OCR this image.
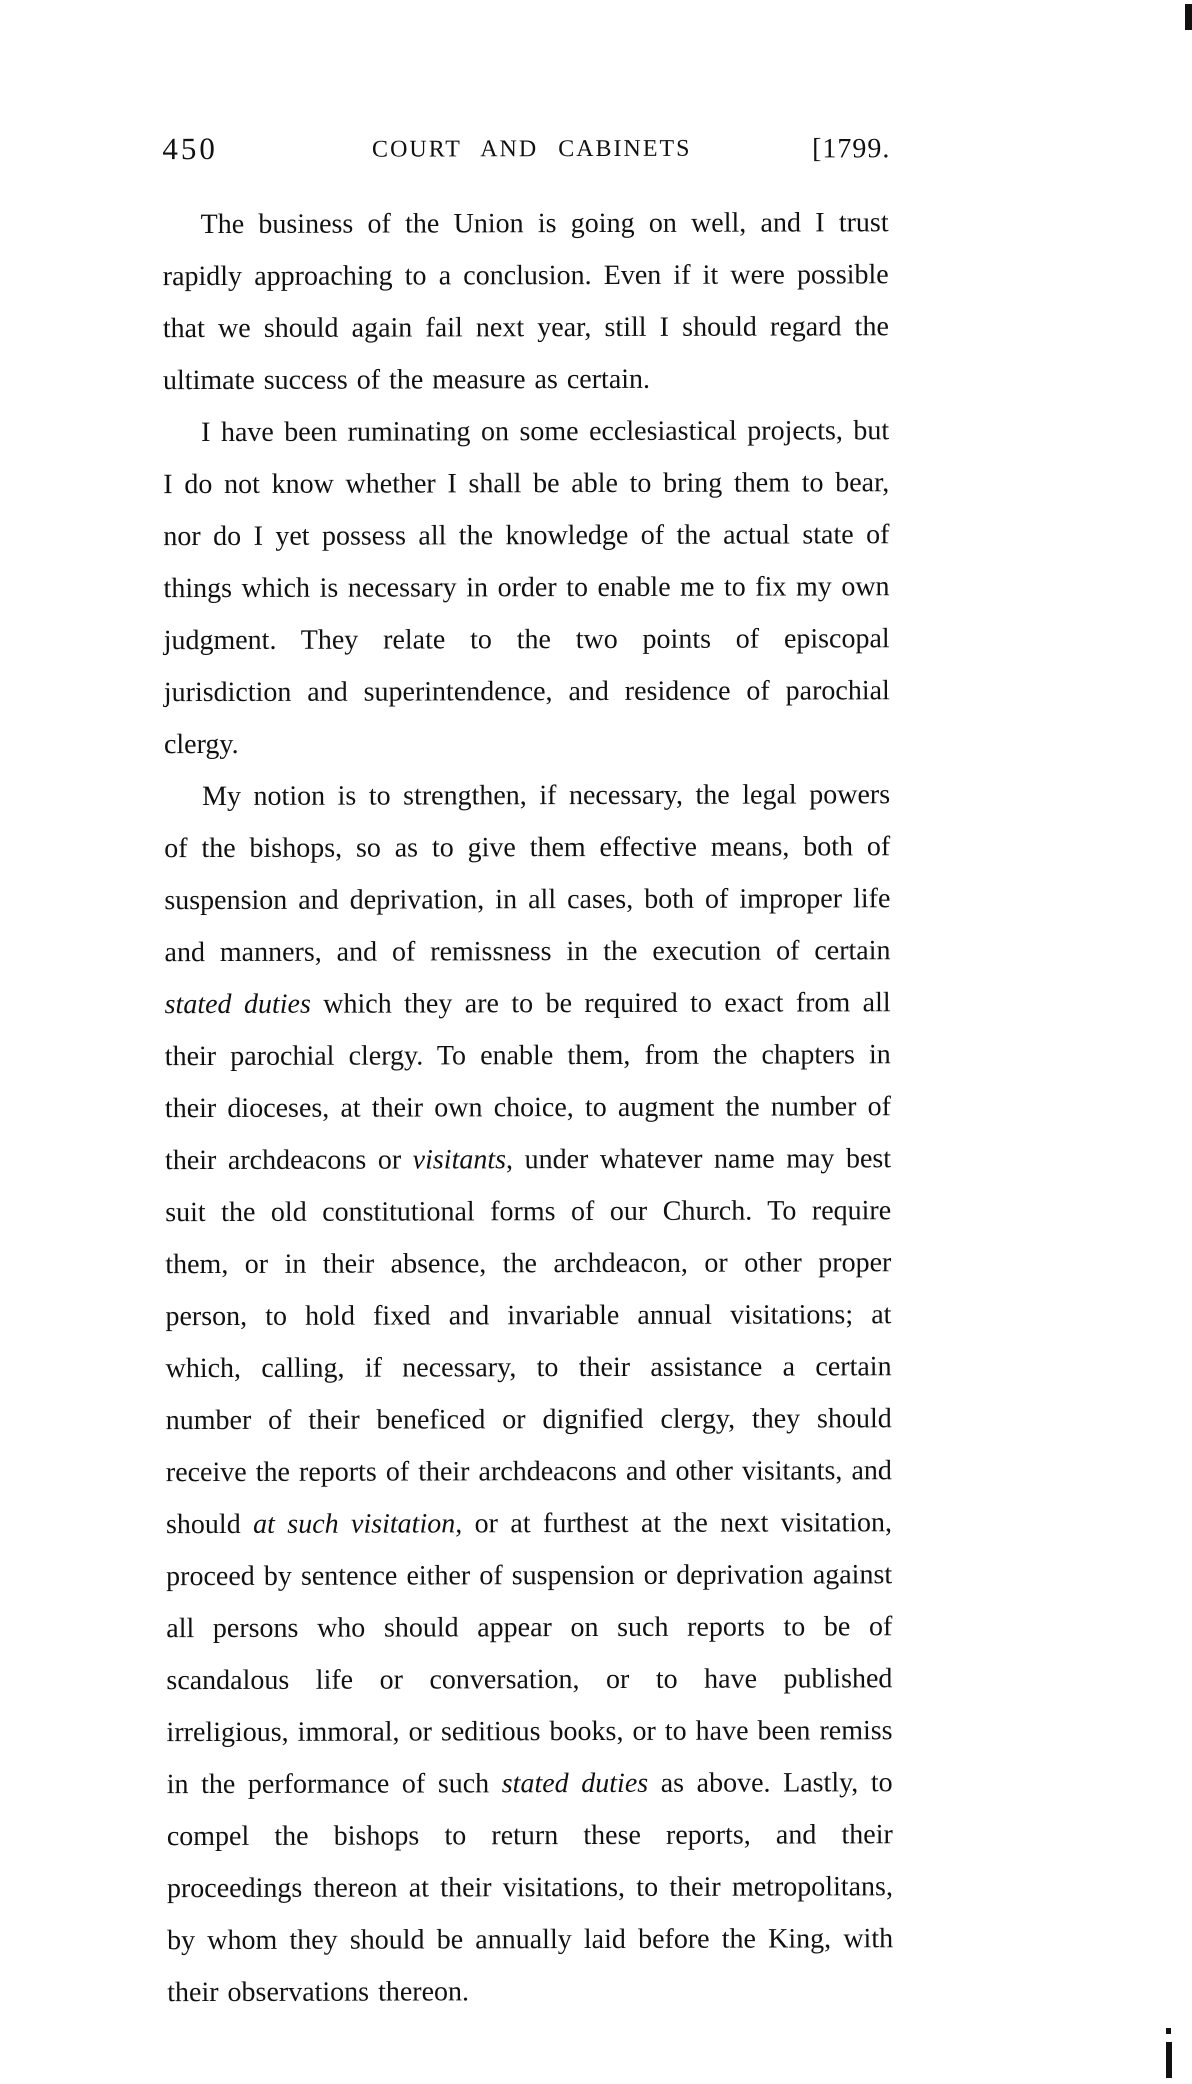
450	COURT AND CABINETS	[1799.

The business of the Union is going on well, and I trust rapidly approaching to a conclusion. Even if it were possible that we should again fail next year, still I should regard the ultimate success of the measure as certain.

I have been ruminating on some ecclesiastical projects, but I do not know whether I shall be able to bring them to bear, nor do I yet possess all the knowledge of the actual state of things which is necessary in order to enable me to fix my own judgment. They relate to the two points of episcopal jurisdiction and superintendence, and residence of parochial clergy.

My notion is to strengthen, if necessary, the legal powers of the bishops, so as to give them effective means, both of suspension and deprivation, in all cases, both of improper life and manners, and of remissness in the execution of certain stated duties which they are to be required to exact from all their parochial clergy. To enable them, from the chapters in their dioceses, at their own choice, to augment the number of their archdeacons or visitants, under whatever name may best suit the old constitutional forms of our Church. To require them, or in their absence, the archdeacon, or other proper person, to hold fixed and invariable annual visitations; at which, calling, if necessary, to their assistance a certain number of their beneficed or dignified clergy, they should receive the reports of their archdeacons and other visitants, and should at such visitation, or at furthest at the next visitation, proceed by sentence either of suspension or deprivation against all persons who should appear on such reports to be of scandalous life or conversation, or to have published irreligious, immoral, or seditious books, or to have been remiss in the performance of such stated duties as above. Lastly, to compel the bishops to return these reports, and their proceedings thereon at their visitations, to their metropolitans, by whom they should be annually laid before the King, with their observations thereon.
